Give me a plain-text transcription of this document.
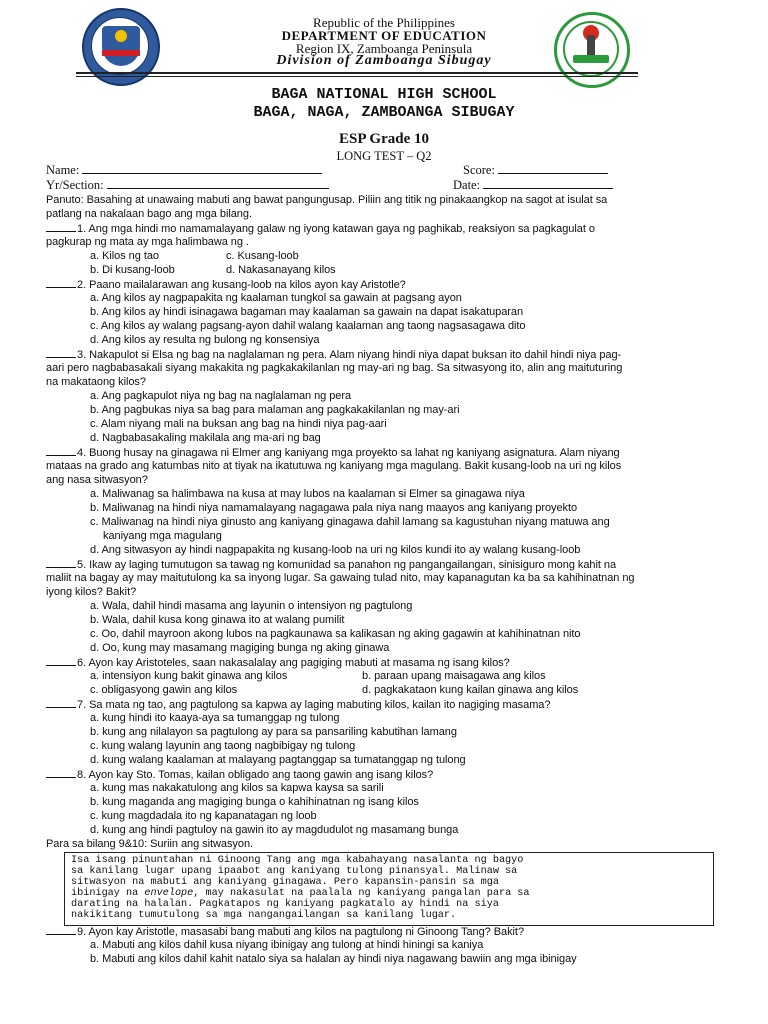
Republic of the Philippines
DEPARTMENT OF EDUCATION
Region IX, Zamboanga Peninsula
Division of Zamboanga Sibugay
BAGA NATIONAL HIGH SCHOOL
BAGA, NAGA, ZAMBOANGA SIBUGAY
ESP Grade 10
LONG TEST – Q2
Name:	Score:
Yr/Section:	Date:
Panuto: Basahing at unawaing mabuti ang bawat pangungusap. Piliin ang titik ng pinakaangkop na sagot at isulat sa
patlang na nakalaan bago ang mga bilang.
1. Ang mga hindi mo namamalayang galaw ng iyong katawan gaya ng paghikab, reaksiyon sa pagkagulat o
pagkurap ng mata ay mga halimbawa ng .
a. Kilos ng tao	c. Kusang-loob
b. Di kusang-loob	d. Nakasanayang kilos
2. Paano mailalarawan ang kusang-loob na kilos ayon kay Aristotle?
a. Ang kilos ay nagpapakita ng kaalaman tungkol sa gawain at pagsang ayon
b. Ang kilos ay hindi isinagawa bagaman may kaalaman sa gawain na dapat isakatuparan
c. Ang kilos ay walang pagsang-ayon dahil walang kaalaman ang taong nagsasagawa dito
d. Ang kilos ay resulta ng bulong ng konsensiya
3. Nakapulot si Elsa ng bag na naglalaman ng pera. Alam niyang hindi niya dapat buksan ito dahil hindi niya pag-
aari pero nagbabasakali siyang makakita ng pagkakakilanlan ng may-ari ng bag. Sa sitwasyong ito, alin ang maituturing
na makataong kilos?
a. Ang pagkapulot niya ng bag na naglalaman ng pera
b. Ang pagbukas niya sa bag para malaman ang pagkakakilanlan ng may-ari
c. Alam niyang mali na buksan ang bag na hindi niya pag-aari
d. Nagbabasakaling makilala ang ma-ari ng bag
4. Buong husay na ginagawa ni Elmer ang kaniyang mga proyekto sa lahat ng kaniyang asignatura. Alam niyang
mataas na grado ang katumbas nito at tiyak na ikatutuwa ng kaniyang mga magulang. Bakit kusang-loob na uri ng kilos
ang nasa sitwasyon?
a. Maliwanag sa halimbawa na kusa at may lubos na kaalaman si Elmer sa ginagawa niya
b. Maliwanag na hindi niya namamalayang nagagawa pala niya nang maayos ang kaniyang proyekto
c. Maliwanag na hindi niya ginusto ang kaniyang ginagawa dahil lamang sa kagustuhan niyang matuwa ang
kaniyang mga magulang
d. Ang sitwasyon ay hindi nagpapakita ng kusang-loob na uri ng kilos kundi ito ay walang kusang-loob
5. Ikaw ay laging tumutugon sa tawag ng komunidad sa panahon ng pangangailangan, sinisiguro mong kahit na
maliit na bagay ay may maitutulong ka sa inyong lugar. Sa gawaing tulad nito, may kapanagutan ka ba sa kahihinatnan ng
iyong kilos? Bakit?
a. Wala, dahil hindi masama ang layunin o intensiyon ng pagtulong
b. Wala, dahil kusa kong ginawa ito at walang pumilit
c. Oo, dahil mayroon akong lubos na pagkaunawa sa kalikasan ng aking gagawin at kahihinatnan nito
d. Oo, kung may masamang magiging bunga ng aking ginawa
6. Ayon kay Aristoteles, saan nakasalalay ang pagiging mabuti at masama ng isang kilos?
a. intensiyon kung bakit ginawa ang kilos	b. paraan upang maisagawa ang kilos
c. obligasyong gawin ang kilos	d. pagkakataon kung kailan ginawa ang kilos
7. Sa mata ng tao, ang pagtulong sa kapwa ay laging mabuting kilos, kailan ito nagiging masama?
a. kung hindi ito kaaya-aya sa tumanggap ng tulong
b. kung ang nilalayon sa pagtulong ay para sa pansariling kabutihan lamang
c. kung walang layunin ang taong nagbibigay ng tulong
d. kung walang kaalaman at malayang pagtanggap sa tumatanggap ng tulong
8. Ayon kay Sto. Tomas, kailan obligado ang taong gawin ang isang kilos?
a. kung mas nakakatulong ang kilos sa kapwa kaysa sa sarili
b. kung maganda ang magiging bunga o kahihinatnan ng isang kilos
c. kung magdadala ito ng kapanatagan ng loob
d. kung ang hindi pagtuloy na gawin ito ay magdudulot ng masamang bunga
Para sa bilang 9&10: Suriin ang sitwasyon.
Isa isang pinuntahan ni Ginoong Tang ang mga kabahayang nasalanta ng bagyo
sa kanilang lugar upang ipaabot ang kaniyang tulong pinansyal. Malinaw sa
sitwasyon na mabuti ang kaniyang ginagawa. Pero kapansin-pansin sa mga
ibinigay na envelope, may nakasulat na paalala ng kaniyang pangalan para sa
darating na halalan. Pagkatapos ng kaniyang pagkatalo ay hindi na siya
nakikitang tumutulong sa mga nangangailangan sa kanilang lugar.
9. Ayon kay Aristotle, masasabi bang mabuti ang kilos na pagtulong ni Ginoong Tang? Bakit?
a. Mabuti ang kilos dahil kusa niyang ibinigay ang tulong at hindi hiningi sa kaniya
b. Mabuti ang kilos dahil kahit natalo siya sa halalan ay hindi niya nagawang bawiin ang mga ibinigay
